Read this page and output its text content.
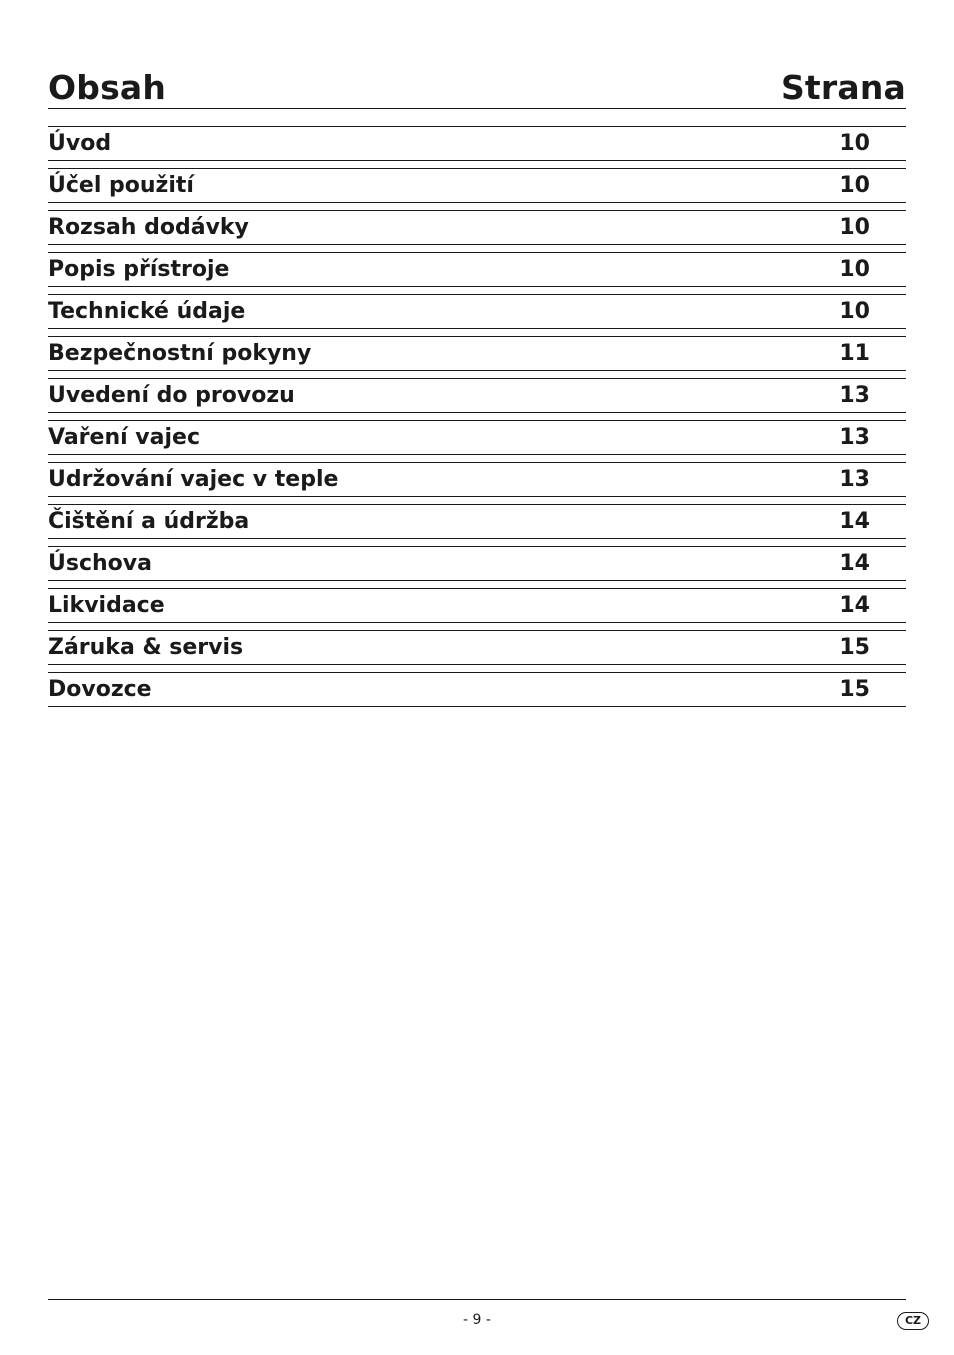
Obsah	Strana
Úvod	10
Účel použití	10
Rozsah dodávky	10
Popis přístroje	10
Technické údaje	10
Bezpečnostní pokyny	11
Uvedení do provozu	13
Vaření vajec	13
Udržování vajec v teple	13
Čištění a údržba	14
Úschova	14
Likvidace	14
Záruka & servis	15
Dovozce	15
- 9 -	CZ
